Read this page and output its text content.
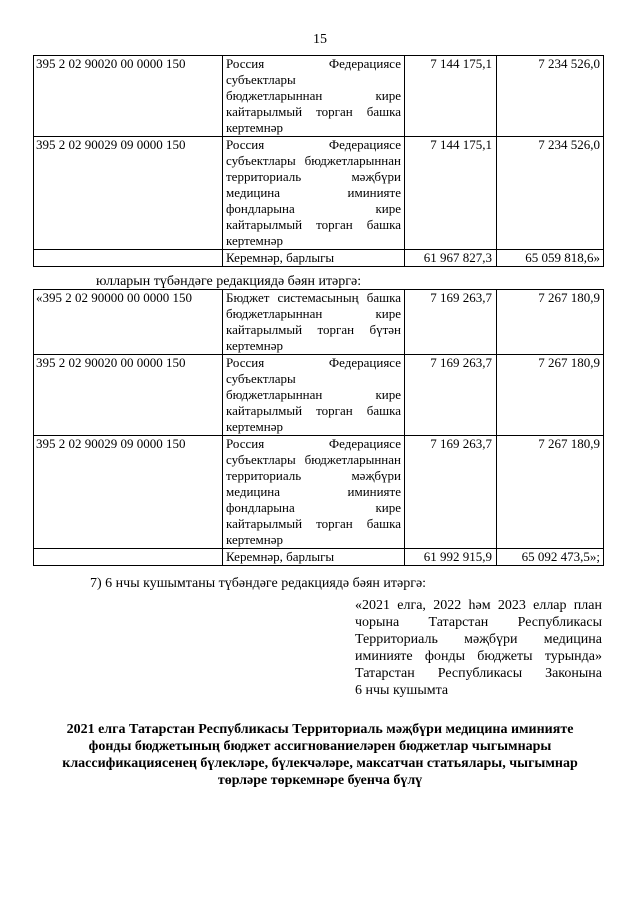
15
395 2 02 90020 00 0000 150	Россия Федерациясе
субъектлары
бюджетларыннан кире
кайтарылмый торган башка кертемнәр	7 144 175,1	7 234 526,0
395 2 02 90029 09 0000 150	Россия Федерациясе субъектлары бюджетларыннан территориаль мәҗбүри медицина иминияте фондларына кире кайтарылмый торган башка кертемнәр	7 144 175,1	7 234 526,0
	Керемнәр, барлыгы	61 967 827,3	65 059 818,6»
юлларын түбәндәге редакциядә бәян итәргә:
«395 2 02 90000 00 0000 150	Бюджет системасының башка бюджетларыннан кире кайтарылмый торган бүтән кертемнәр	7 169 263,7	7 267 180,9
395 2 02 90020 00 0000 150	Россия Федерациясе
субъектлары
бюджетларыннан кире
кайтарылмый торган башка кертемнәр	7 169 263,7	7 267 180,9
395 2 02 90029 09 0000 150	Россия Федерациясе субъектлары бюджетларыннан территориаль мәҗбүри медицина иминияте фондларына кире кайтарылмый торган башка кертемнәр	7 169 263,7	7 267 180,9
	Керемнәр, барлыгы	61 992 915,9	65 092 473,5»;
7) 6 нчы кушымтаны түбәндәге редакциядә бәян итәргә:
«2021 елга, 2022 һәм 2023 еллар план
чорына Татарстан Республикасы
Территориаль мәҗбүри медицина
иминияте фонды бюджеты турында»
Татарстан Республикасы Законына
6 нчы кушымта
2021 елга Татарстан Республикасы Территориаль мәҗбүри медицина иминияте фонды бюджетының бюджет ассигнованиеләрен бюджетлар чыгымнары классификациясенең бүлекләре, бүлекчәләре, максатчан статьялары, чыгымнар төрләре төркемнәре буенча бүлү
